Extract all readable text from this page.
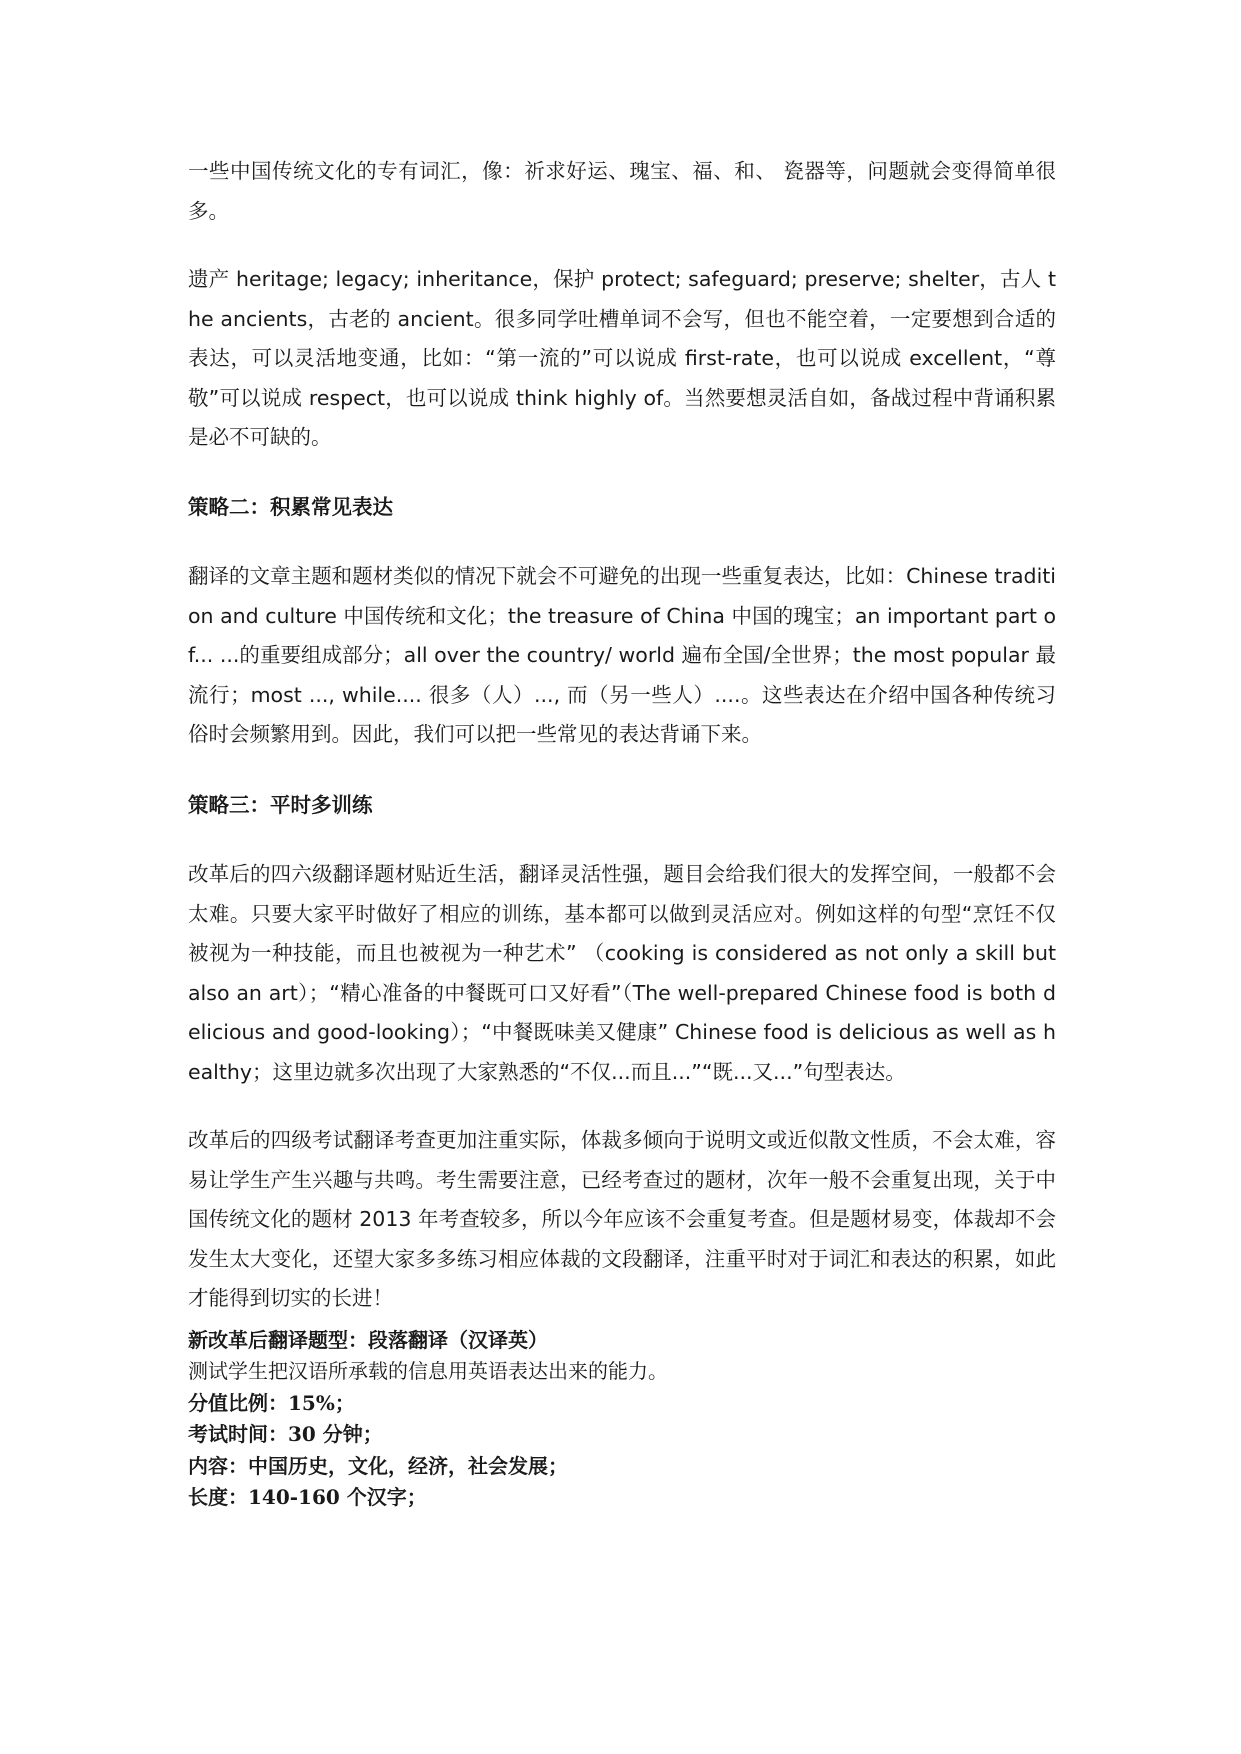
一些中国传统文化的专有词汇，像：祈求好运、瑰宝、福、和、 瓷器等，问题就会变得简单很多。

遗产 heritage; legacy; inheritance，保护 protect; safeguard; preserve; shelter，古人 the ancients，古老的 ancient。很多同学吐槽单词不会写，但也不能空着，一定要想到合适的表达，可以灵活地变通，比如：“第一流的”可以说成 first-rate，也可以说成 excellent，“尊敬”可以说成 respect，也可以说成 think highly of。当然要想灵活自如，备战过程中背诵积累是必不可缺的。

策略二：积累常见表达

翻译的文章主题和题材类似的情况下就会不可避免的出现一些重复表达，比如：Chinese tradition and culture 中国传统和文化；the treasure of China 中国的瑰宝；an important part of... ...的重要组成部分；all over the country/ world 遍布全国/全世界；the most popular 最流行；most ..., while.... 很多（人）..., 而（另一些人）....。这些表达在介绍中国各种传统习俗时会频繁用到。因此，我们可以把一些常见的表达背诵下来。

策略三：平时多训练

改革后的四六级翻译题材贴近生活，翻译灵活性强，题目会给我们很大的发挥空间，一般都不会太难。只要大家平时做好了相应的训练，基本都可以做到灵活应对。例如这样的句型“烹饪不仅被视为一种技能，而且也被视为一种艺术” （cooking is considered as not only a skill but also an art）；“精心准备的中餐既可口又好看”（The well-prepared Chinese food is both delicious and good-looking）；“中餐既味美又健康” Chinese food is delicious as well as healthy；这里边就多次出现了大家熟悉的“不仅...而且...”“既...又...”句型表达。

改革后的四级考试翻译考查更加注重实际，体裁多倾向于说明文或近似散文性质，不会太难，容易让学生产生兴趣与共鸣。考生需要注意，已经考查过的题材，次年一般不会重复出现，关于中国传统文化的题材 2013 年考查较多，所以今年应该不会重复考查。但是题材易变，体裁却不会发生太大变化，还望大家多多练习相应体裁的文段翻译，注重平时对于词汇和表达的积累，如此才能得到切实的长进！

新改革后翻译题型：段落翻译（汉译英）

测试学生把汉语所承载的信息用英语表达出来的能力。

分值比例：15%；

考试时间：30 分钟；

内容：中国历史，文化，经济，社会发展；

长度：140-160 个汉字；
